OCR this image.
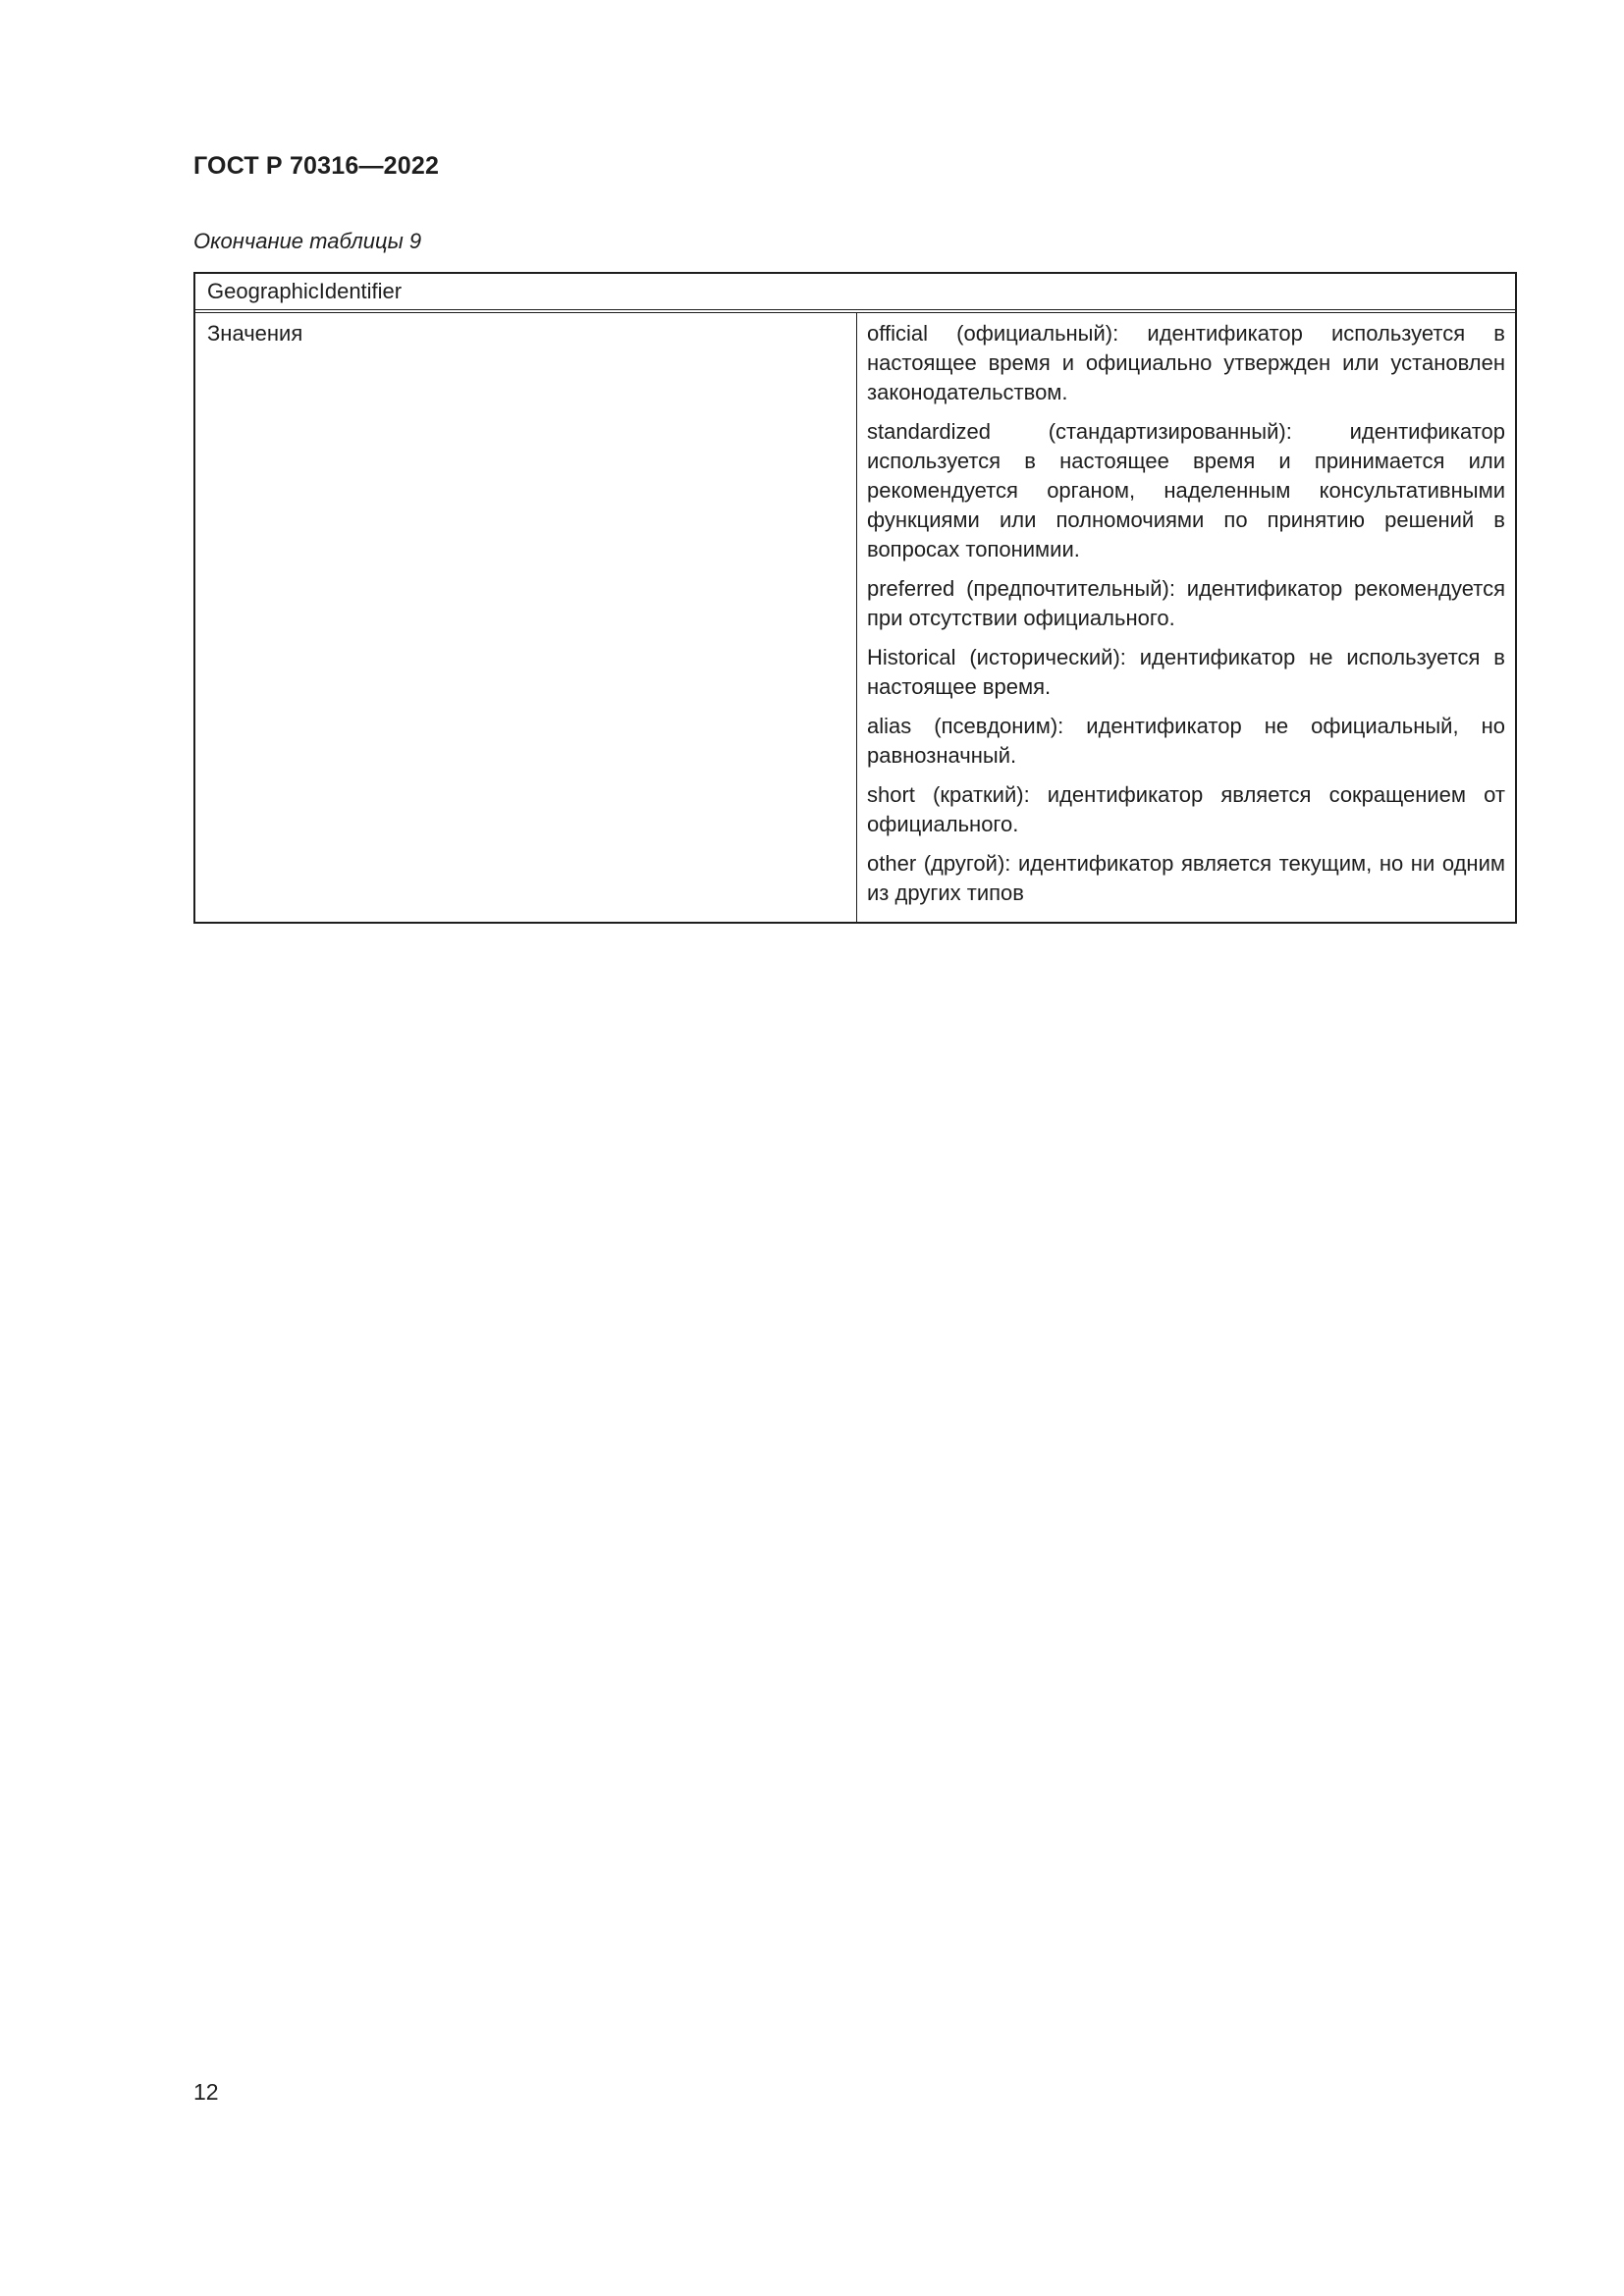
ГОСТ Р 70316—2022
Окончание таблицы 9
GeographicIdentifier
Значения	official (официальный): идентификатор используется в настоящее время и официально утвержден или установлен законодательством.

standardized (стандартизированный): идентификатор используется в настоящее время и принимается или рекомендуется органом, наделенным консультативными функциями или полномочиями по принятию решений в вопросах топонимии.

preferred (предпочтительный): идентификатор рекомендуется при отсутствии официального.

Historical (исторический): идентификатор не используется в настоящее время.

alias (псевдоним): идентификатор не официальный, но равнозначный.

short (краткий): идентификатор является сокращением от официального.

other (другой): идентификатор является текущим, но ни одним из других типов

12
